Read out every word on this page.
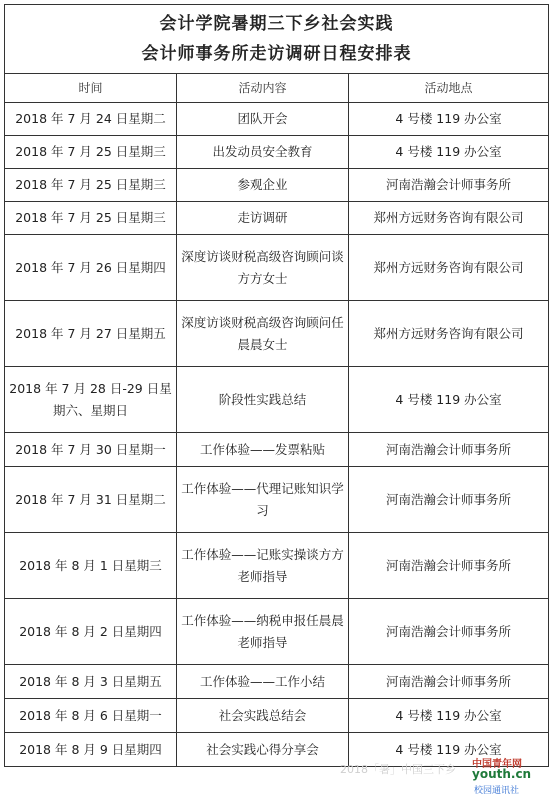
会计学院暑期三下乡社会实践
会计师事务所走访调研日程安排表		

时间	活动内容	活动地点
2018 年 7 月 24 日星期二	团队开会	4 号楼 119 办公室
2018 年 7 月 25 日星期三	出发动员安全教育	4 号楼 119 办公室
2018 年 7 月 25 日星期三	参观企业	河南浩瀚会计师事务所
2018 年 7 月 25 日星期三	走访调研	郑州方远财务咨询有限公司
2018 年 7 月 26 日星期四	深度访谈财税高级咨询顾问谈方方女士	郑州方远财务咨询有限公司
2018 年 7 月 27 日星期五	深度访谈财税高级咨询顾问任晨晨女士	郑州方远财务咨询有限公司
2018 年 7 月 28 日-29 日星期六、星期日	阶段性实践总结	4 号楼 119 办公室
2018 年 7 月 30 日星期一	工作体验——发票粘贴	河南浩瀚会计师事务所
2018 年 7 月 31 日星期二	工作体验——代理记账知识学习	河南浩瀚会计师事务所
2018 年 8 月 1 日星期三	工作体验——记账实操谈方方老师指导	河南浩瀚会计师事务所
2018 年 8 月 2 日星期四	工作体验——纳税申报任晨晨老师指导	河南浩瀚会计师事务所
2018 年 8 月 3 日星期五	工作体验——工作小结	河南浩瀚会计师事务所
2018 年 8 月 6 日星期一	社会实践总结会	4 号楼 119 办公室
2018 年 8 月 9 日星期四	社会实践心得分享会	4 号楼 119 办公室
2018「暑」中国三下乡 中国青年网
youth.cn
校园通讯社
